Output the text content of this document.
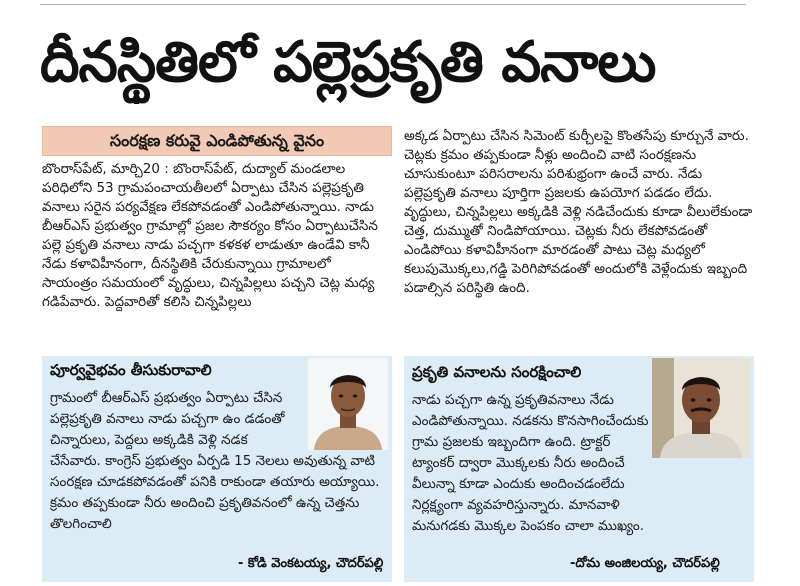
దీనస్థితిలో పల్లెప్రకృతి వనాలు
సంరక్షణ కరువై ఎండిపోతున్న వైనం

బొంరాస్‌పేట్, మార్చి20 : బొంరాస్‌పేట్, దుద్యాల్ మండలాల పరిధిలోని 53 గ్రామపంచాయతీలలో ఏర్పాటు చేసిన పల్లెప్రకృతి వనాలు సరైన పర్యవేక్షణ లేకపోవడంతో ఎండిపోతున్నాయి. నాడు బీఆర్ఎస్ ప్రభుత్వం గ్రామాల్లో ప్రజల సౌకర్యం కోసం ఏర్పాటుచేసిన పల్లె ప్రకృతి వనాలు నాడు పచ్చగా కళకళ లాడుతూ ఉండేవి కానీ నేడు కళావిహీనంగా, దీనస్థితికి చేరుకున్నాయి గ్రామాలలో సాయంత్రం సమయంలో వృద్ధులు, చిన్నపిల్లలు పచ్చని చెట్ల మధ్య గడిపేవారు. పెద్దవారితో కలిసి చిన్నపిల్లలు

అక్కడ ఏర్పాటు చేసిన సిమెంట్ కుర్చీలపై కొంతసేపు కూర్చునే వారు. చెట్లకు క్రమం తప్పకుండా నీళ్లు అందించి వాటి సంరక్షణను చూసుకుంటూ పరిసరాలను పరిశుభ్రంగా ఉంచే వారు. నేడు పల్లెప్రకృతి వనాలు పూర్తిగా ప్రజలకు ఉపయోగ పడడం లేదు. వృద్ధులు, చిన్నపిల్లలు అక్కడికి వెళ్లి నడిచేందుకు కూడా వీలులేకుండా చెత్త, దుమ్ముతో నిండిపోయాయి. చెట్లకు నీరు లేకపోవడంతో ఎండిపోయి కళావిహీనంగా మారడంతో పాటు చెట్ల మధ్యలో కలుపుమొక్కలు,గడ్డి పెరిగిపోవడంతో అందులోకి వెళ్లేందుకు ఇబ్బంది పడాల్సిన పరిస్థితి ఉంది.

పూర్వవైభవం తీసుకురావాలి
గ్రామంలో బీఆర్ఎస్ ప్రభుత్వం ఏర్పాటు చేసిన పల్లెప్రకృతి వనాలు నాడు పచ్చగా ఉం డడంతో చిన్నారులు, పెద్దలు అక్కడికి వెళ్లి నడక చేసేవారు. కాంగ్రెస్ ప్రభుత్వం ఏర్పడి 15 నెలలు అవుతున్న వాటి సంరక్షణ చూడకపోవడంతో పనికి రాకుండా తయారు అయ్యాయి. క్రమం తప్పకుండా నీరు అందించి ప్రకృతివనంలో ఉన్న చెత్తను తొలగించాలి
- కోడి వెంకటయ్య, చౌదర్‌పల్లి
ప్రకృతి వనాలను సంరక్షించాలి
నాడు పచ్చగా ఉన్న ప్రకృతివనాలు నేడు ఎండిపోతున్నాయి. నడకను కొనసాగించేందుకు గ్రామ ప్రజలకు ఇబ్బందిగా ఉంది. ట్రాక్టర్ ట్యాంకర్ ద్వారా మొక్కలకు నీరు అందించే వీలున్నా కూడా ఎందుకు అందించడంలేదు నిర్లక్ష్యంగా వ్యవహరిస్తున్నారు. మానవాళి మనుగడకు మొక్కల పెంపకం చాలా ముఖ్యం.
-దోమ అంజిలయ్య, చౌదర్‌పల్లి
